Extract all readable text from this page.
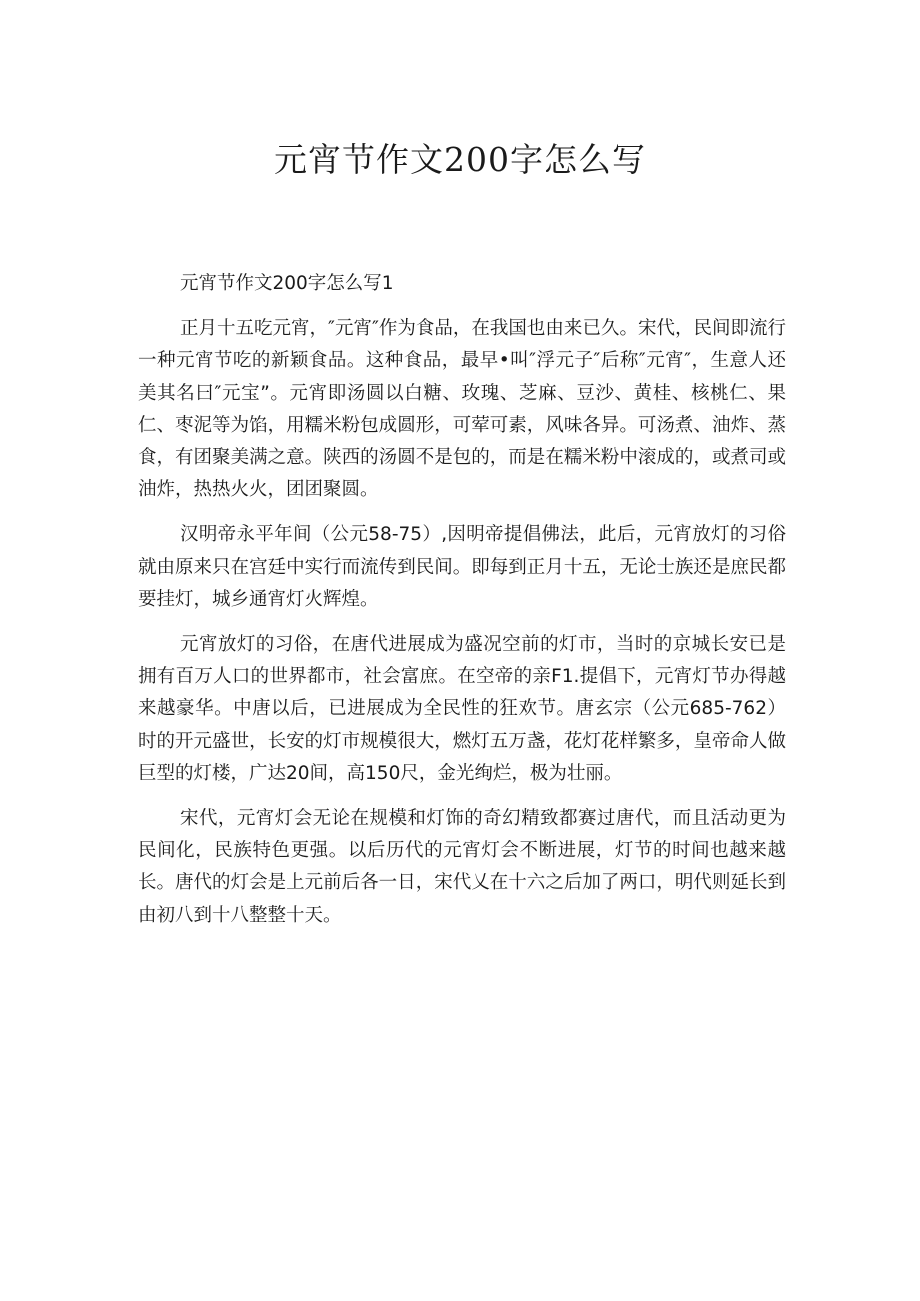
元宵节作文200字怎么写

元宵节作文200字怎么写1

正月十五吃元宵，″元宵″作为食品，在我国也由来已久。宋代，民间即流行一种元宵节吃的新颖食品。这种食品，最早•叫″浮元子″后称″元宵″，生意人还美其名曰″元宝”。元宵即汤圆以白糖、玫瑰、芝麻、豆沙、黄桂、核桃仁、果仁、枣泥等为馅，用糯米粉包成圆形，可荤可素，风味各异。可汤煮、油炸、蒸食，有团聚美满之意。陕西的汤圆不是包的，而是在糯米粉中滚成的，或煮司或油炸，热热火火，团团聚圆。

汉明帝永平年间（公元58-75）,因明帝提倡佛法，此后，元宵放灯的习俗就由原来只在宫廷中实行而流传到民间。即每到正月十五，无论士族还是庶民都要挂灯，城乡通宵灯火辉煌。

元宵放灯的习俗，在唐代进展成为盛况空前的灯市，当时的京城长安已是拥有百万人口的世界都市，社会富庶。在空帝的亲F1.提倡下，元宵灯节办得越来越豪华。中唐以后，已进展成为全民性的狂欢节。唐玄宗（公元685-762）时的开元盛世，长安的灯市规模很大，燃灯五万盏，花灯花样繁多，皇帝命人做巨型的灯楼，广达20间，高150尺，金光绚烂，极为壮丽。

宋代，元宵灯会无论在规模和灯饰的奇幻精致都赛过唐代，而且活动更为民间化，民族特色更强。以后历代的元宵灯会不断进展，灯节的时间也越来越长。唐代的灯会是上元前后各一日，宋代乂在十六之后加了两口，明代则延长到由初八到十八整整十天。
